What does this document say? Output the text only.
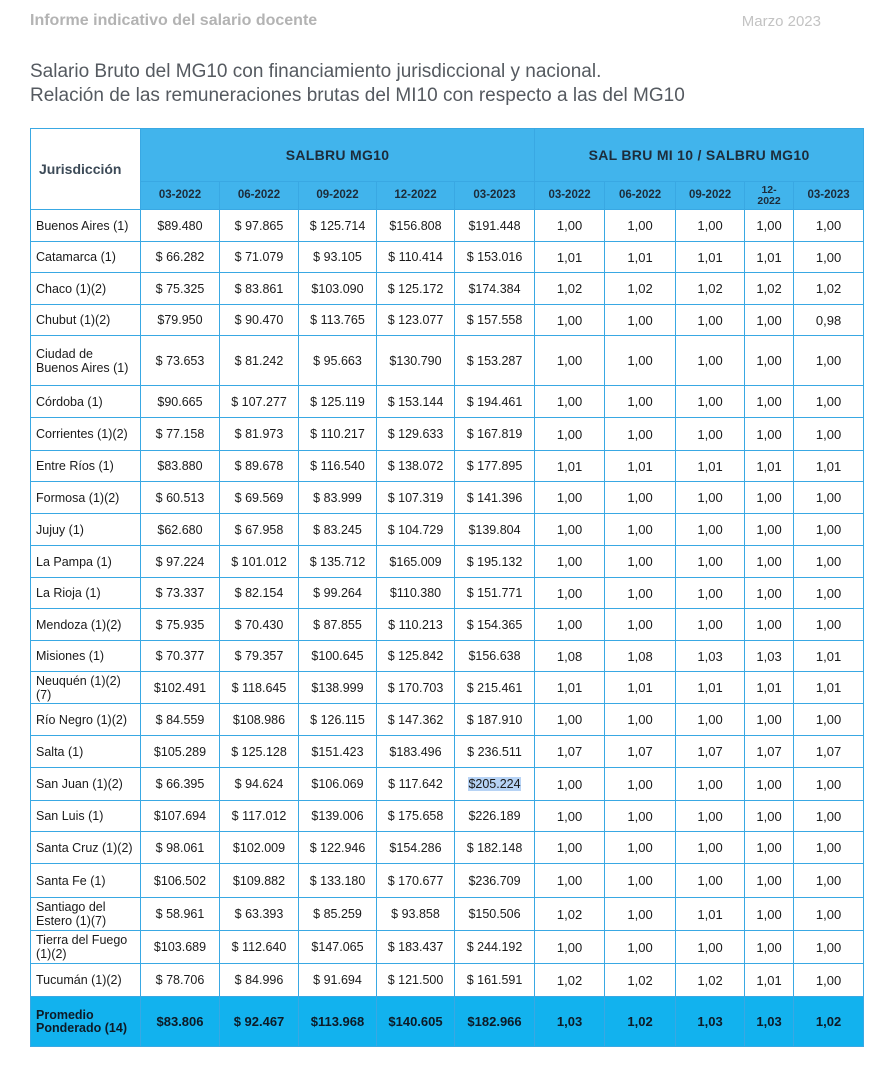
Informe indicativo del salario docente	Marzo 2023
Salario Bruto del MG10 con financiamiento jurisdiccional y nacional.
Relación de las remuneraciones brutas del MI10 con respecto a las del MG10
Jurisdicción	SALBRU MG10					SAL BRU MI 10 / SALBRU MG10				
	03-2022	06-2022	09-2022	12-2022	03-2023	03-2022	06-2022	09-2022	12-2022	03-2023
Buenos Aires (1)	$89.480	$ 97.865	$ 125.714	$156.808	$191.448	1,00	1,00	1,00	1,00	1,00
Catamarca (1)	$ 66.282	$ 71.079	$ 93.105	$ 110.414	$ 153.016	1,01	1,01	1,01	1,01	1,00
Chaco (1)(2)	$ 75.325	$ 83.861	$103.090	$ 125.172	$174.384	1,02	1,02	1,02	1,02	1,02
Chubut (1)(2)	$79.950	$ 90.470	$ 113.765	$ 123.077	$ 157.558	1,00	1,00	1,00	1,00	0,98
Ciudad de Buenos Aires (1)	$ 73.653	$ 81.242	$ 95.663	$130.790	$ 153.287	1,00	1,00	1,00	1,00	1,00
Córdoba (1)	$90.665	$ 107.277	$ 125.119	$ 153.144	$ 194.461	1,00	1,00	1,00	1,00	1,00
Corrientes (1)(2)	$ 77.158	$ 81.973	$ 110.217	$ 129.633	$ 167.819	1,00	1,00	1,00	1,00	1,00
Entre Ríos (1)	$83.880	$ 89.678	$ 116.540	$ 138.072	$ 177.895	1,01	1,01	1,01	1,01	1,01
Formosa (1)(2)	$ 60.513	$ 69.569	$ 83.999	$ 107.319	$ 141.396	1,00	1,00	1,00	1,00	1,00
Jujuy (1)	$62.680	$ 67.958	$ 83.245	$ 104.729	$139.804	1,00	1,00	1,00	1,00	1,00
La Pampa (1)	$ 97.224	$ 101.012	$ 135.712	$165.009	$ 195.132	1,00	1,00	1,00	1,00	1,00
La Rioja (1)	$ 73.337	$ 82.154	$ 99.264	$110.380	$ 151.771	1,00	1,00	1,00	1,00	1,00
Mendoza (1)(2)	$ 75.935	$ 70.430	$ 87.855	$ 110.213	$ 154.365	1,00	1,00	1,00	1,00	1,00
Misiones (1)	$ 70.377	$ 79.357	$100.645	$ 125.842	$156.638	1,08	1,08	1,03	1,03	1,01
Neuquén (1)(2)(7)	$102.491	$ 118.645	$138.999	$ 170.703	$ 215.461	1,01	1,01	1,01	1,01	1,01
Río Negro (1)(2)	$ 84.559	$108.986	$ 126.115	$ 147.362	$ 187.910	1,00	1,00	1,00	1,00	1,00
Salta (1)	$105.289	$ 125.128	$151.423	$183.496	$ 236.511	1,07	1,07	1,07	1,07	1,07
San Juan (1)(2)	$ 66.395	$ 94.624	$106.069	$ 117.642	$205.224	1,00	1,00	1,00	1,00	1,00
San Luis (1)	$107.694	$ 117.012	$139.006	$ 175.658	$226.189	1,00	1,00	1,00	1,00	1,00
Santa Cruz (1)(2)	$ 98.061	$102.009	$ 122.946	$154.286	$ 182.148	1,00	1,00	1,00	1,00	1,00
Santa Fe (1)	$106.502	$109.882	$ 133.180	$ 170.677	$236.709	1,00	1,00	1,00	1,00	1,00
Santiago del Estero (1)(7)	$ 58.961	$ 63.393	$ 85.259	$ 93.858	$150.506	1,02	1,00	1,01	1,00	1,00
Tierra del Fuego (1)(2)	$103.689	$ 112.640	$147.065	$ 183.437	$ 244.192	1,00	1,00	1,00	1,00	1,00
Tucumán (1)(2)	$ 78.706	$ 84.996	$ 91.694	$ 121.500	$ 161.591	1,02	1,02	1,02	1,01	1,00
Promedio Ponderado (14)	$83.806	$ 92.467	$113.968	$140.605	$182.966	1,03	1,02	1,03	1,03	1,02
